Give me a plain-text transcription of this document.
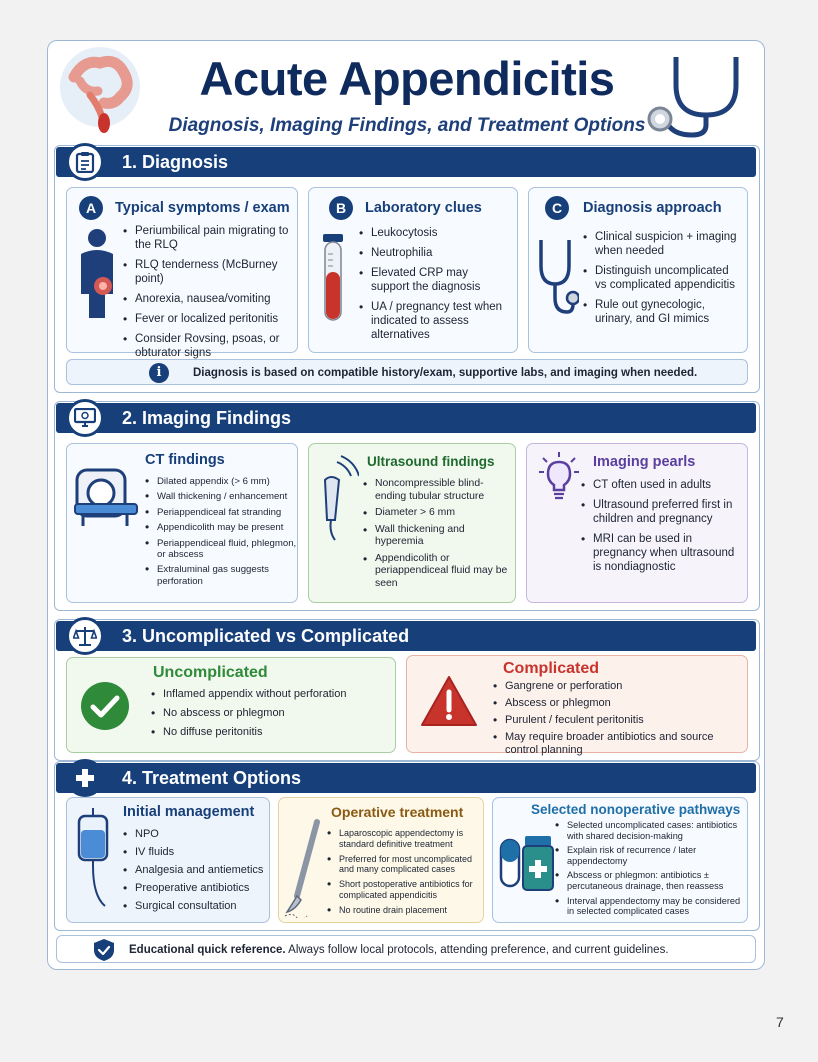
Acute Appendicitis
Diagnosis, Imaging Findings, and Treatment Options
1. Diagnosis
A	Typical symptoms / exam
• Periumbilical pain migrating to the RLQ
• RLQ tenderness (McBurney point)
• Anorexia, nausea/vomiting
• Fever or localized peritonitis
• Consider Rovsing, psoas, or obturator signs
B	Laboratory clues
• Leukocytosis
• Neutrophilia
• Elevated CRP may support the diagnosis
• UA / pregnancy test when indicated to assess alternatives
C	Diagnosis approach
• Clinical suspicion + imaging when needed
• Distinguish uncomplicated vs complicated appendicitis
• Rule out gynecologic, urinary, and GI mimics
i	Diagnosis is based on compatible history/exam, supportive labs, and imaging when needed.
2. Imaging Findings
CT findings
• Dilated appendix (> 6 mm)
• Wall thickening / enhancement
• Periappendiceal fat stranding
• Appendicolith may be present
• Periappendiceal fluid, phlegmon, or abscess
• Extraluminal gas suggests perforation
Ultrasound findings
• Noncompressible blind-ending tubular structure
• Diameter > 6 mm
• Wall thickening and hyperemia
• Appendicolith or periappendiceal fluid may be seen
Imaging pearls
• CT often used in adults
• Ultrasound preferred first in children and pregnancy
• MRI can be used in pregnancy when ultrasound is nondiagnostic
3. Uncomplicated vs Complicated
Uncomplicated
• Inflamed appendix without perforation
• No abscess or phlegmon
• No diffuse peritonitis
Complicated
• Gangrene or perforation
• Abscess or phlegmon
• Purulent / feculent peritonitis
• May require broader antibiotics and source control planning
4. Treatment Options
Initial management
• NPO
• IV fluids
• Analgesia and antiemetics
• Preoperative antibiotics
• Surgical consultation
Operative treatment
• Laparoscopic appendectomy is standard definitive treatment
• Preferred for most uncomplicated and many complicated cases
• Short postoperative antibiotics for complicated appendicitis
• No routine drain placement
Selected nonoperative pathways
• Selected uncomplicated cases: antibiotics with shared decision-making
• Explain risk of recurrence / later appendectomy
• Abscess or phlegmon: antibiotics ± percutaneous drainage, then reassess
• Interval appendectomy may be considered in selected complicated cases
Educational quick reference. Always follow local protocols, attending preference, and current guidelines.
7
